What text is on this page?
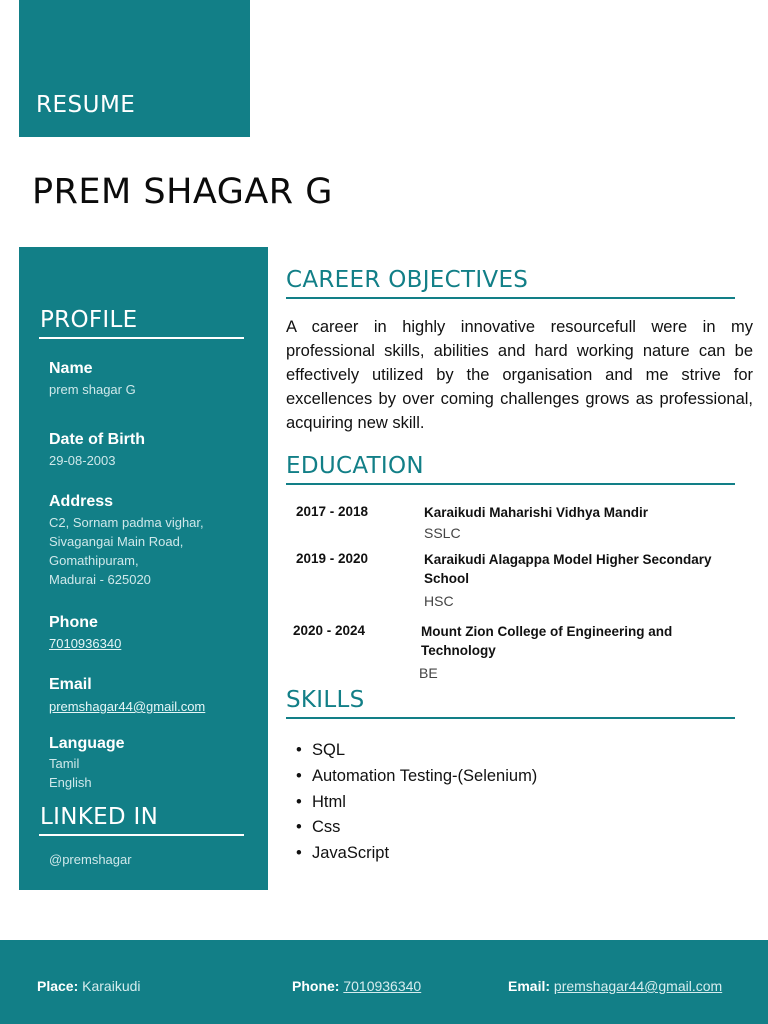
RESUME
PREM SHAGAR G
PROFILE
Name
prem shagar G
Date of Birth
29-08-2003
Address
C2, Sornam padma vighar,
Sivagangai Main Road,
Gomathipuram,
Madurai - 625020
Phone
7010936340
Email
premshagar44@gmail.com
Language
Tamil
English
LINKED IN
@premshagar
CAREER OBJECTIVES

A career in highly innovative resourcefull were in my professional skills, abilities and hard working nature can be effectively utilized by the organisation and me strive for excellences by over coming challenges grows as professional, acquiring new skill.

EDUCATION
2017 - 2018	Karaikudi Maharishi Vidhya Mandir
SSLC
2019 - 2020	Karaikudi Alagappa Model Higher Secondary School
HSC
2020 - 2024	Mount Zion College of Engineering and Technology
BE
SKILLS
• SQL
• Automation Testing-(Selenium)
• Html
• Css
• JavaScript
Place: Karaikudi	Phone: 7010936340	Email: premshagar44@gmail.com
